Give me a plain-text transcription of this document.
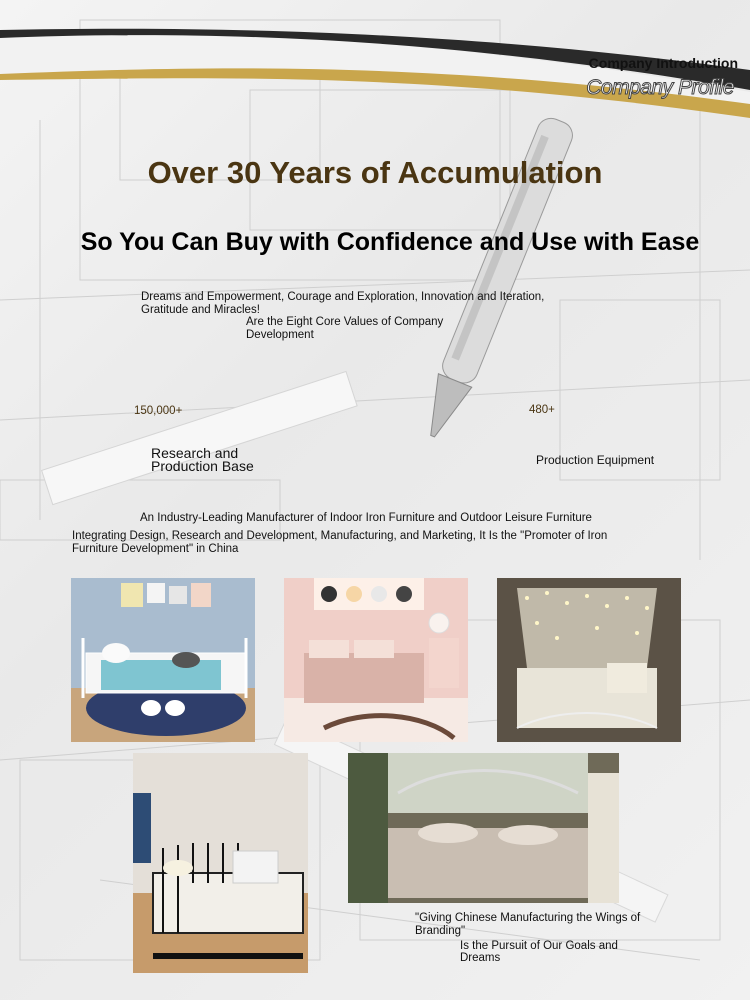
Company Introduction
Company Profile
Over 30 Years of Accumulation
So You Can Buy with Confidence and Use with Ease
Dreams and Empowerment, Courage and Exploration, Innovation and Iteration, Gratitude and Miracles!
Are the Eight Core Values of Company Development
150,000+	480+
Research and Production Base	Production Equipment
An Industry-Leading Manufacturer of Indoor Iron Furniture and Outdoor Leisure Furniture
Integrating Design, Research and Development, Manufacturing, and Marketing, It Is the "Promoter of Iron Furniture Development" in China
"Giving Chinese Manufacturing the Wings of Branding"
Is the Pursuit of Our Goals and Dreams
